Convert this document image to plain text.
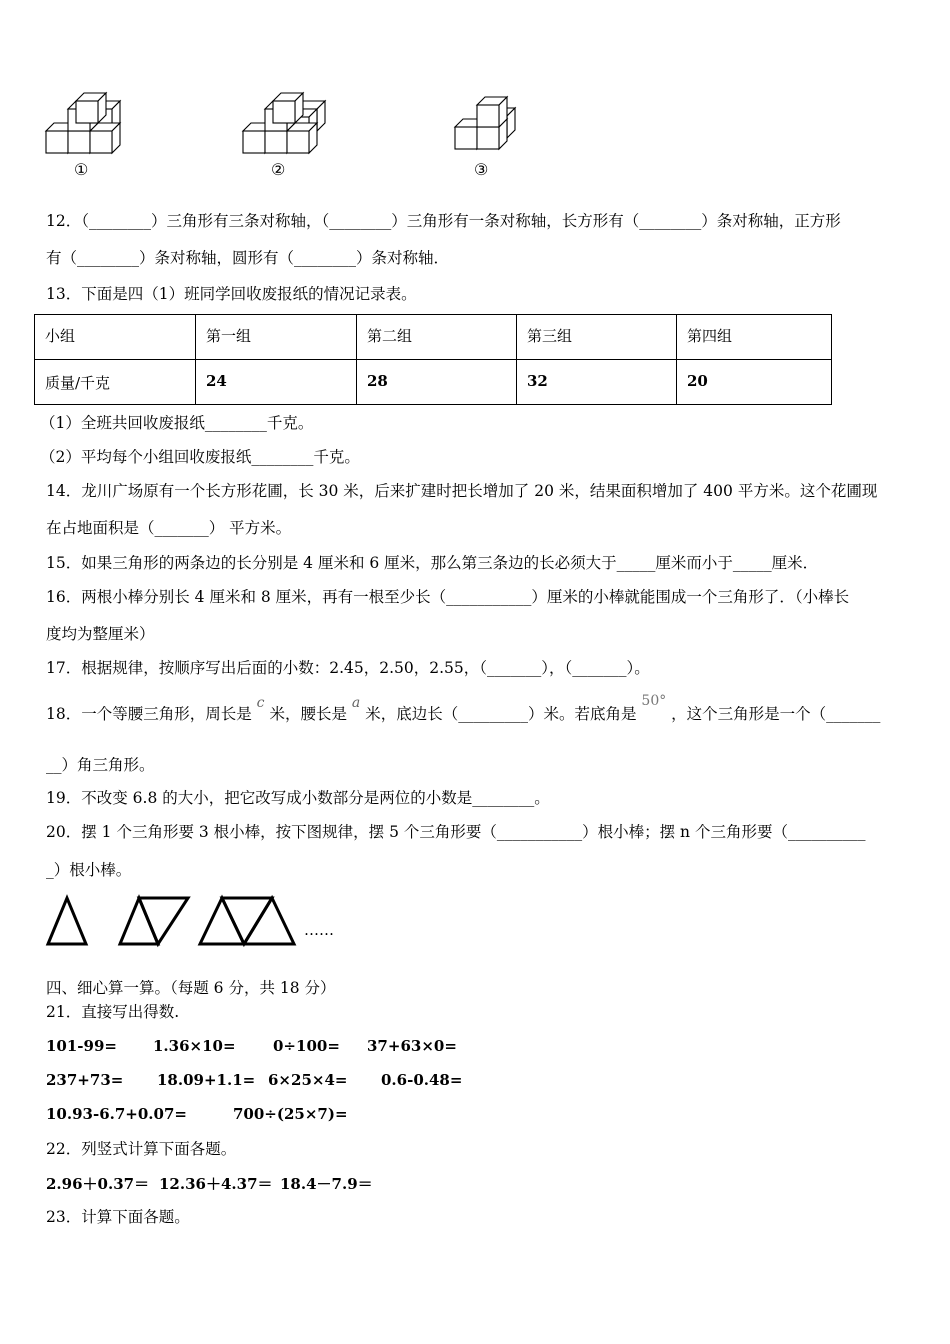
①	②	③
12．（________）三角形有三条对称轴，（________）三角形有一条对称轴，长方形有（________）条对称轴，正方形
有（________）条对称轴，圆形有（________）条对称轴．
13．下面是四（1）班同学回收废报纸的情况记录表。
小组	第一组	第二组	第三组	第四组

质量/千克	24	28	32	20
（1）全班共回收废报纸________千克。
（2）平均每个小组回收废报纸________千克。
14．龙川广场原有一个长方形花圃，长 30 米，后来扩建时把长增加了 20 米，结果面积增加了 400 平方米。这个花圃现
在占地面积是（_______） 平方米。
15．如果三角形的两条边的长分别是 4 厘米和 6 厘米，那么第三条边的长必须大于_____厘米而小于_____厘米．
16．两根小棒分别长 4 厘米和 8 厘米，再有一根至少长（___________）厘米的小棒就能围成一个三角形了．（小棒长
度均为整厘米）
17．根据规律，按顺序写出后面的小数：2.45，2.50，2.55，（_______），（_______）。
18．一个等腰三角形，周长是 c 米，腰长是 a 米，底边长（_________）米。若底角是 50° ，这个三角形是一个（_______
__）角三角形。
19．不改变 6.8 的大小，把它改写成小数部分是两位的小数是________。
20．摆 1 个三角形要 3 根小棒，按下图规律，摆 5 个三角形要（___________）根小棒；摆 n 个三角形要（__________
_）根小棒。
……
四、细心算一算。（每题 6 分，共 18 分）
21．直接写出得数.
101-99= 1.36×10= 0÷100= 37+63×0=
237+73= 18.09+1.1= 6×25×4= 0.6-0.48=
10.93-6.7+0.07=	700÷(25×7)=
22．列竖式计算下面各题。
2.96＋0.37＝ 12.36＋4.37＝ 18.4－7.9＝
23．计算下面各题。
